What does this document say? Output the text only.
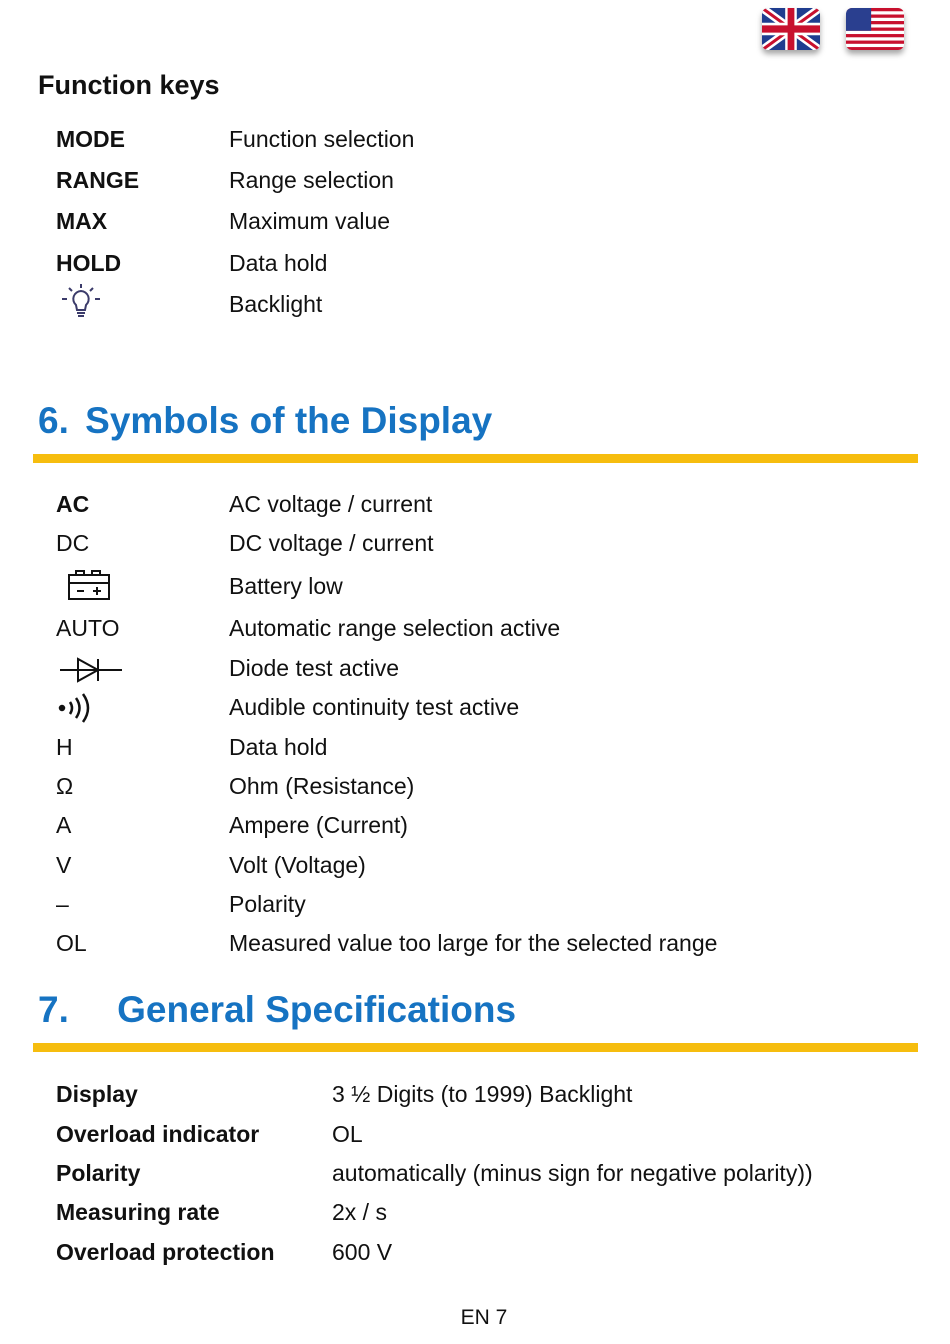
Function keys
MODE	Function selection
RANGE	Range selection
MAX	Maximum value
HOLD	Data hold
Backlight
6. Symbols of the Display
AC	AC voltage / current
DC	DC voltage / current
Battery low
AUTO	Automatic range selection active
Diode test active
Audible continuity test active
H	Data hold
Ω	Ohm (Resistance)
A	Ampere (Current)
V	Volt (Voltage)
–	Polarity
OL	Measured value too large for the selected range
7. General Specifications
Display	3 ½ Digits (to 1999) Backlight
Overload indicator	OL
Polarity	automatically (minus sign for negative polarity))
Measuring rate	2x / s
Overload protection 600 V
EN 7
